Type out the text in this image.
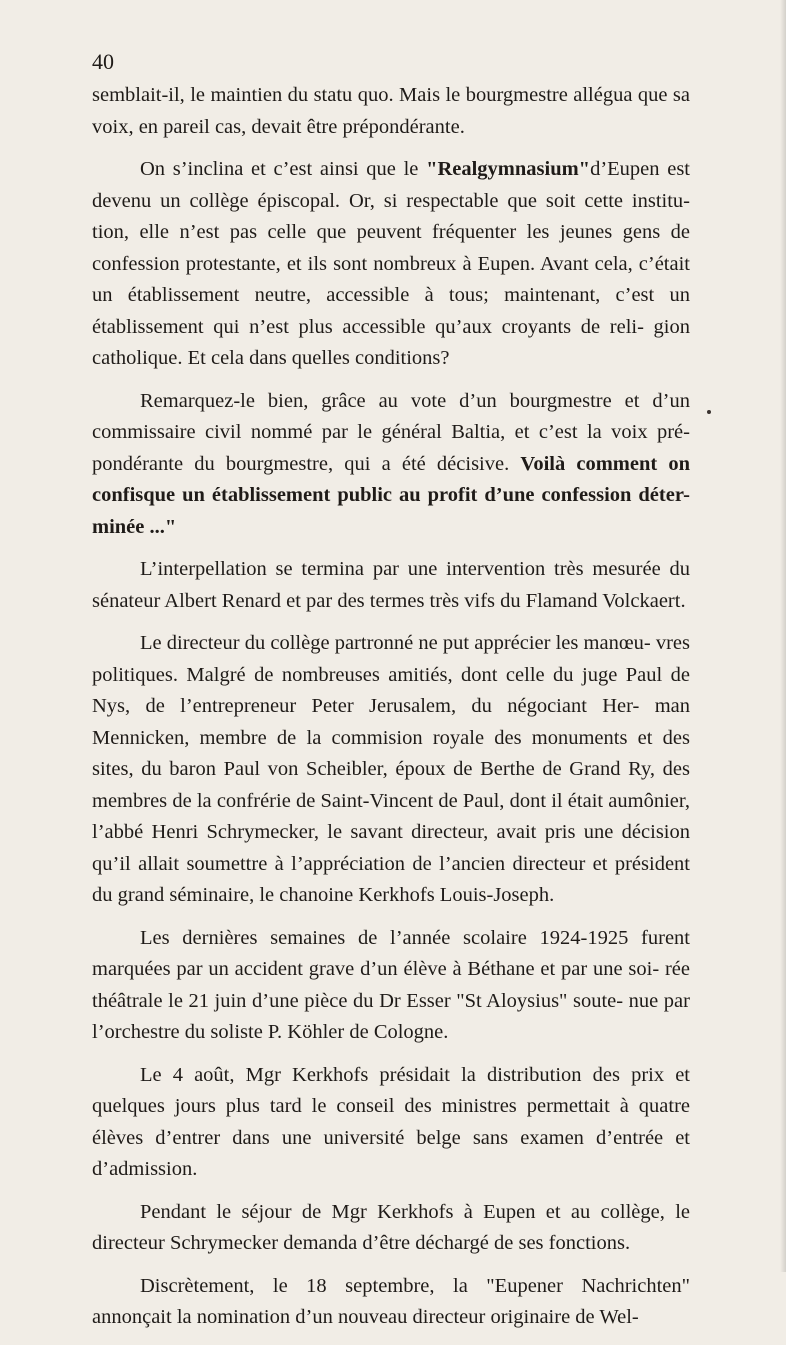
40

semblait-il, le maintien du statu quo. Mais le bourgmestre allégua que sa voix, en pareil cas, devait être prépondérante.

On s’inclina et c’est ainsi que le "Realgymnasium"d’Eupen est devenu un collège épiscopal. Or, si respectable que soit cette institu- tion, elle n’est pas celle que peuvent fréquenter les jeunes gens de confession protestante, et ils sont nombreux à Eupen. Avant cela, c’était un établissement neutre, accessible à tous; maintenant, c’est un établissement qui n’est plus accessible qu’aux croyants de reli- gion catholique. Et cela dans quelles conditions?

Remarquez-le bien, grâce au vote d’un bourgmestre et d’un commissaire civil nommé par le général Baltia, et c’est la voix pré- pondérante du bourgmestre, qui a été décisive. Voilà comment on confisque un établissement public au profit d’une confession déter- minée ..."

L’interpellation se termina par une intervention très mesurée du sénateur Albert Renard et par des termes très vifs du Flamand Volckaert.

Le directeur du collège partronné ne put apprécier les manœu- vres politiques. Malgré de nombreuses amitiés, dont celle du juge Paul de Nys, de l’entrepreneur Peter Jerusalem, du négociant Her- man Mennicken, membre de la commision royale des monuments et des sites, du baron Paul von Scheibler, époux de Berthe de Grand Ry, des membres de la confrérie de Saint-Vincent de Paul, dont il était aumônier, l’abbé Henri Schrymecker, le savant directeur, avait pris une décision qu’il allait soumettre à l’appréciation de l’ancien directeur et président du grand séminaire, le chanoine Kerkhofs Louis-Joseph.

Les dernières semaines de l’année scolaire 1924-1925 furent marquées par un accident grave d’un élève à Béthane et par une soi- rée théâtrale le 21 juin d’une pièce du Dr Esser "St Aloysius" soute- nue par l’orchestre du soliste P. Köhler de Cologne.

Le 4 août, Mgr Kerkhofs présidait la distribution des prix et quelques jours plus tard le conseil des ministres permettait à quatre élèves d’entrer dans une université belge sans examen d’entrée et d’admission.

Pendant le séjour de Mgr Kerkhofs à Eupen et au collège, le directeur Schrymecker demanda d’être déchargé de ses fonctions.

Discrètement, le 18 septembre, la "Eupener Nachrichten" annonçait la nomination d’un nouveau directeur originaire de Wel-
